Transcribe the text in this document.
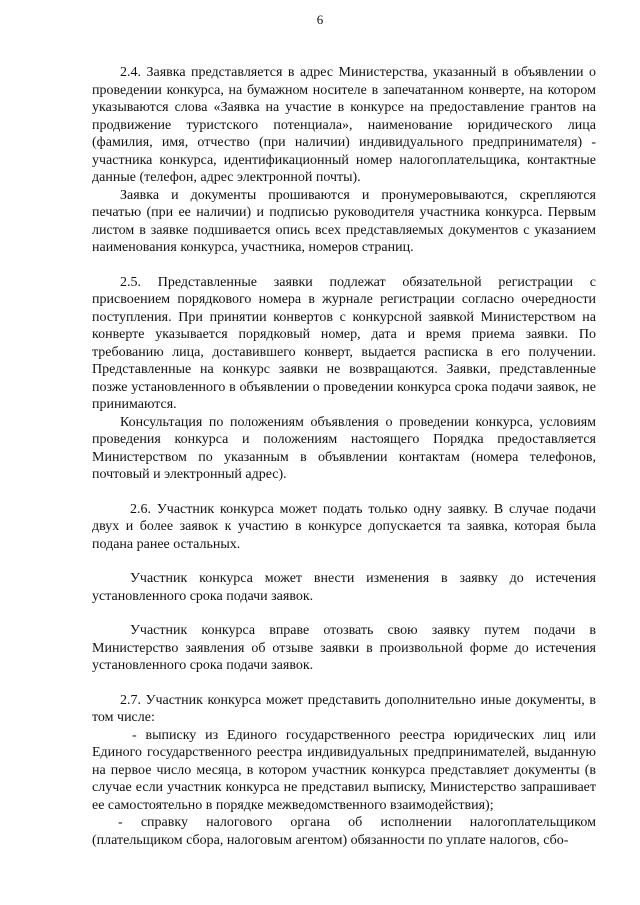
6

2.4. Заявка представляется в адрес Министерства, указанный в объявлении о проведении конкурса, на бумажном носителе в запечатанном конверте, на котором указываются слова «Заявка на участие в конкурсе на предоставление грантов на продвижение туристского потенциала», наименование юридического лица (фамилия, имя, отчество (при наличии) индивидуального предпринимателя) - участника конкурса, идентификационный номер налогоплательщика, контактные данные (телефон, адрес электронной почты).

Заявка и документы прошиваются и пронумеровываются, скрепляются печатью (при ее наличии) и подписью руководителя участника конкурса. Первым листом в заявке подшивается опись всех представляемых документов с указанием наименования конкурса, участника, номеров страниц.

2.5. Представленные заявки подлежат обязательной регистрации с присвоением порядкового номера в журнале регистрации согласно очередности поступления. При принятии конвертов с конкурсной заявкой Министерством на конверте указывается порядковый номер, дата и время приема заявки. По требованию лица, доставившего конверт, выдается расписка в его получении. Представленные на конкурс заявки не возвращаются. Заявки, представленные позже установленного в объявлении о проведении конкурса срока подачи заявок, не принимаются.

Консультация по положениям объявления о проведении конкурса, условиям проведения конкурса и положениям настоящего Порядка предоставляется Министерством по указанным в объявлении контактам (номера телефонов, почтовый и электронный адрес).

2.6. Участник конкурса может подать только одну заявку. В случае подачи двух и более заявок к участию в конкурсе допускается та заявка, которая была подана ранее остальных.

Участник конкурса может внести изменения в заявку до истечения установленного срока подачи заявок.

Участник конкурса вправе отозвать свою заявку путем подачи в Министерство заявления об отзыве заявки в произвольной форме до истечения установленного срока подачи заявок.

2.7. Участник конкурса может представить дополнительно иные документы, в том числе:

- выписку из Единого государственного реестра юридических лиц или Единого государственного реестра индивидуальных предпринимателей, выданную на первое число месяца, в котором участник конкурса представляет документы (в случае если участник конкурса не представил выписку, Министерство запрашивает ее самостоятельно в порядке межведомственного взаимодействия);

- справку налогового органа об исполнении налогоплательщиком (плательщиком сбора, налоговым агентом) обязанности по уплате налогов, сбо-
